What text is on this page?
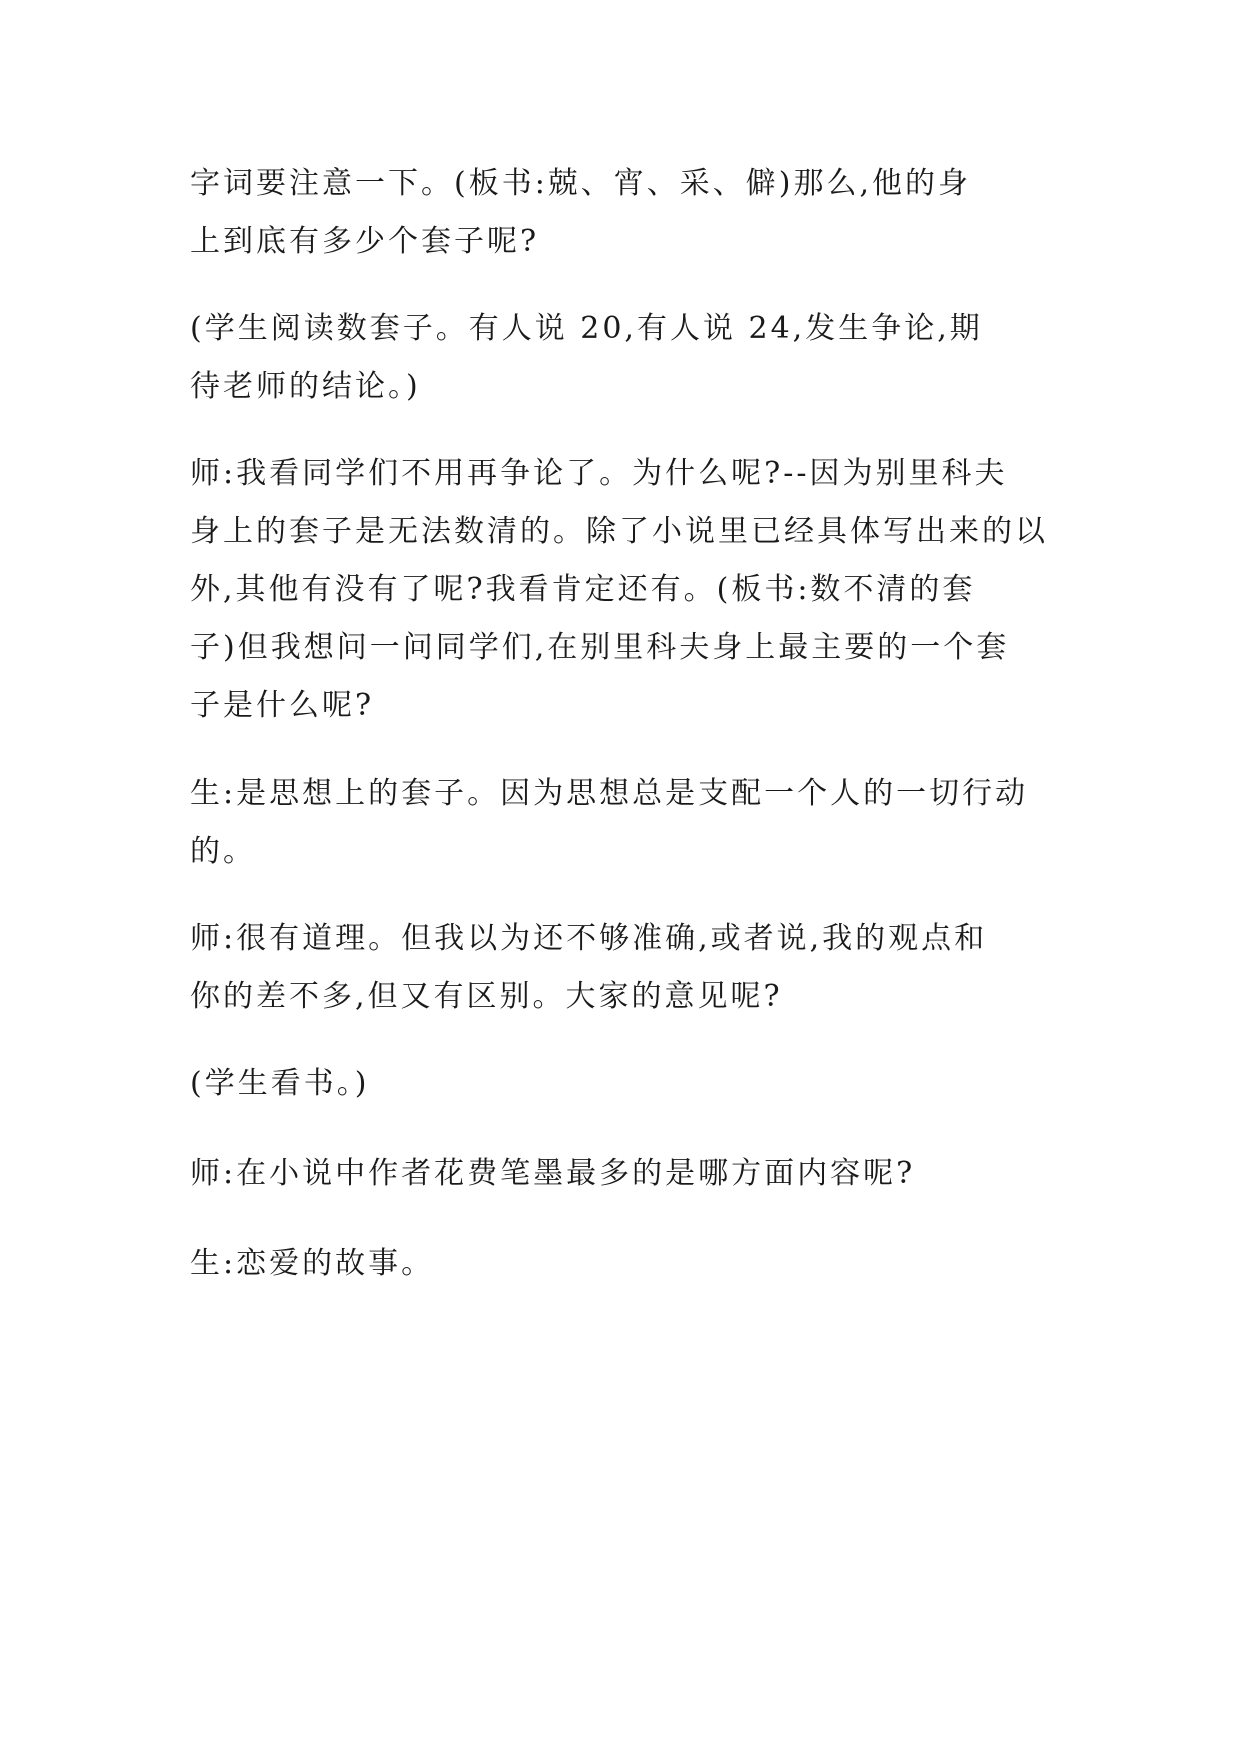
字词要注意一下。(板书:兢、宵、采、僻)那么,他的身
上到底有多少个套子呢?

(学生阅读数套子。有人说 20,有人说 24,发生争论,期
待老师的结论。)

师:我看同学们不用再争论了。为什么呢?--因为别里科夫
身上的套子是无法数清的。除了小说里已经具体写出来的以
外,其他有没有了呢?我看肯定还有。(板书:数不清的套
子)但我想问一问同学们,在别里科夫身上最主要的一个套
子是什么呢?

生:是思想上的套子。因为思想总是支配一个人的一切行动
的。

师:很有道理。但我以为还不够准确,或者说,我的观点和
你的差不多,但又有区别。大家的意见呢?

(学生看书。)

师:在小说中作者花费笔墨最多的是哪方面内容呢?

生:恋爱的故事。
